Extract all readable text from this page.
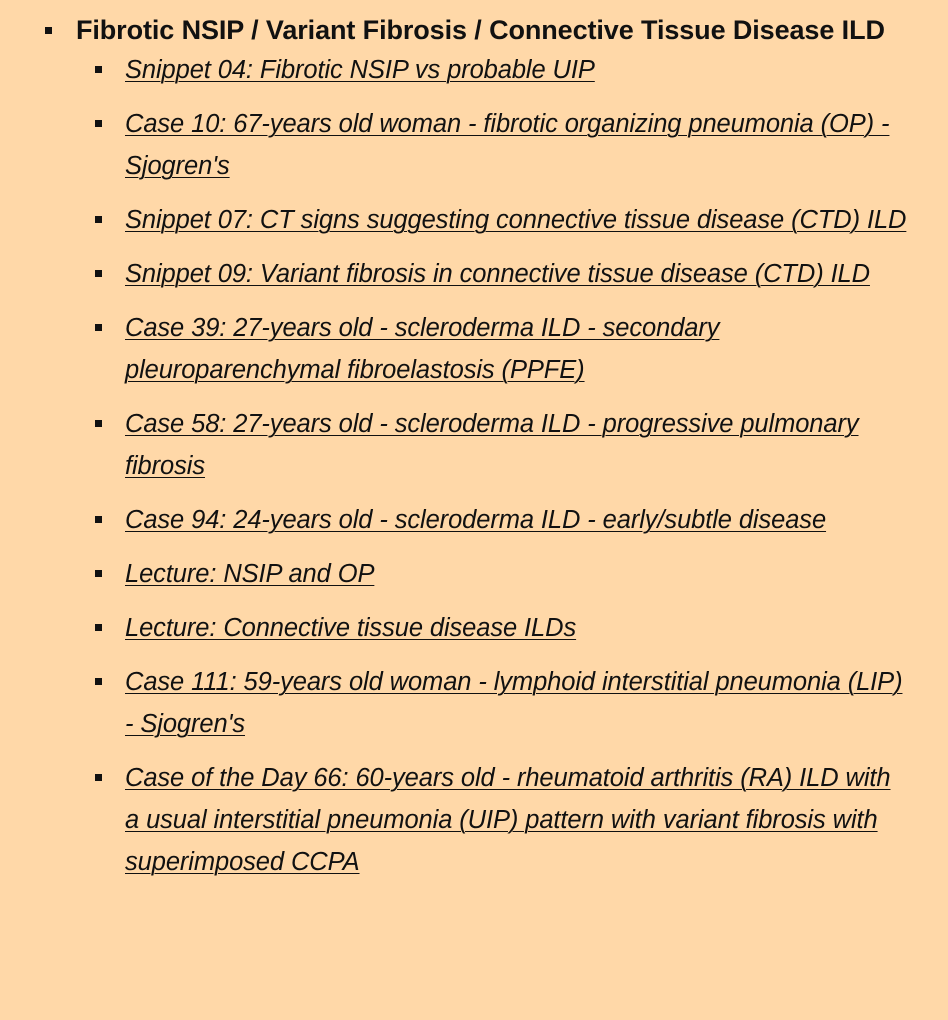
Fibrotic NSIP / Variant Fibrosis / Connective Tissue Disease ILD
Snippet 04: Fibrotic NSIP vs probable UIP
Case 10: 67-years old woman - fibrotic organizing pneumonia (OP) - Sjogren's
Snippet 07: CT signs suggesting connective tissue disease (CTD) ILD
Snippet 09: Variant fibrosis in connective tissue disease (CTD) ILD
Case 39: 27-years old - scleroderma ILD - secondary pleuroparenchymal fibroelastosis (PPFE)
Case 58: 27-years old - scleroderma ILD - progressive pulmonary fibrosis
Case 94: 24-years old - scleroderma ILD - early/subtle disease
Lecture: NSIP and OP
Lecture: Connective tissue disease ILDs
Case 111: 59-years old woman - lymphoid interstitial pneumonia (LIP) - Sjogren's
Case of the Day 66: 60-years old - rheumatoid arthritis (RA) ILD with a usual interstitial pneumonia (UIP) pattern with variant fibrosis with superimposed CCPA
